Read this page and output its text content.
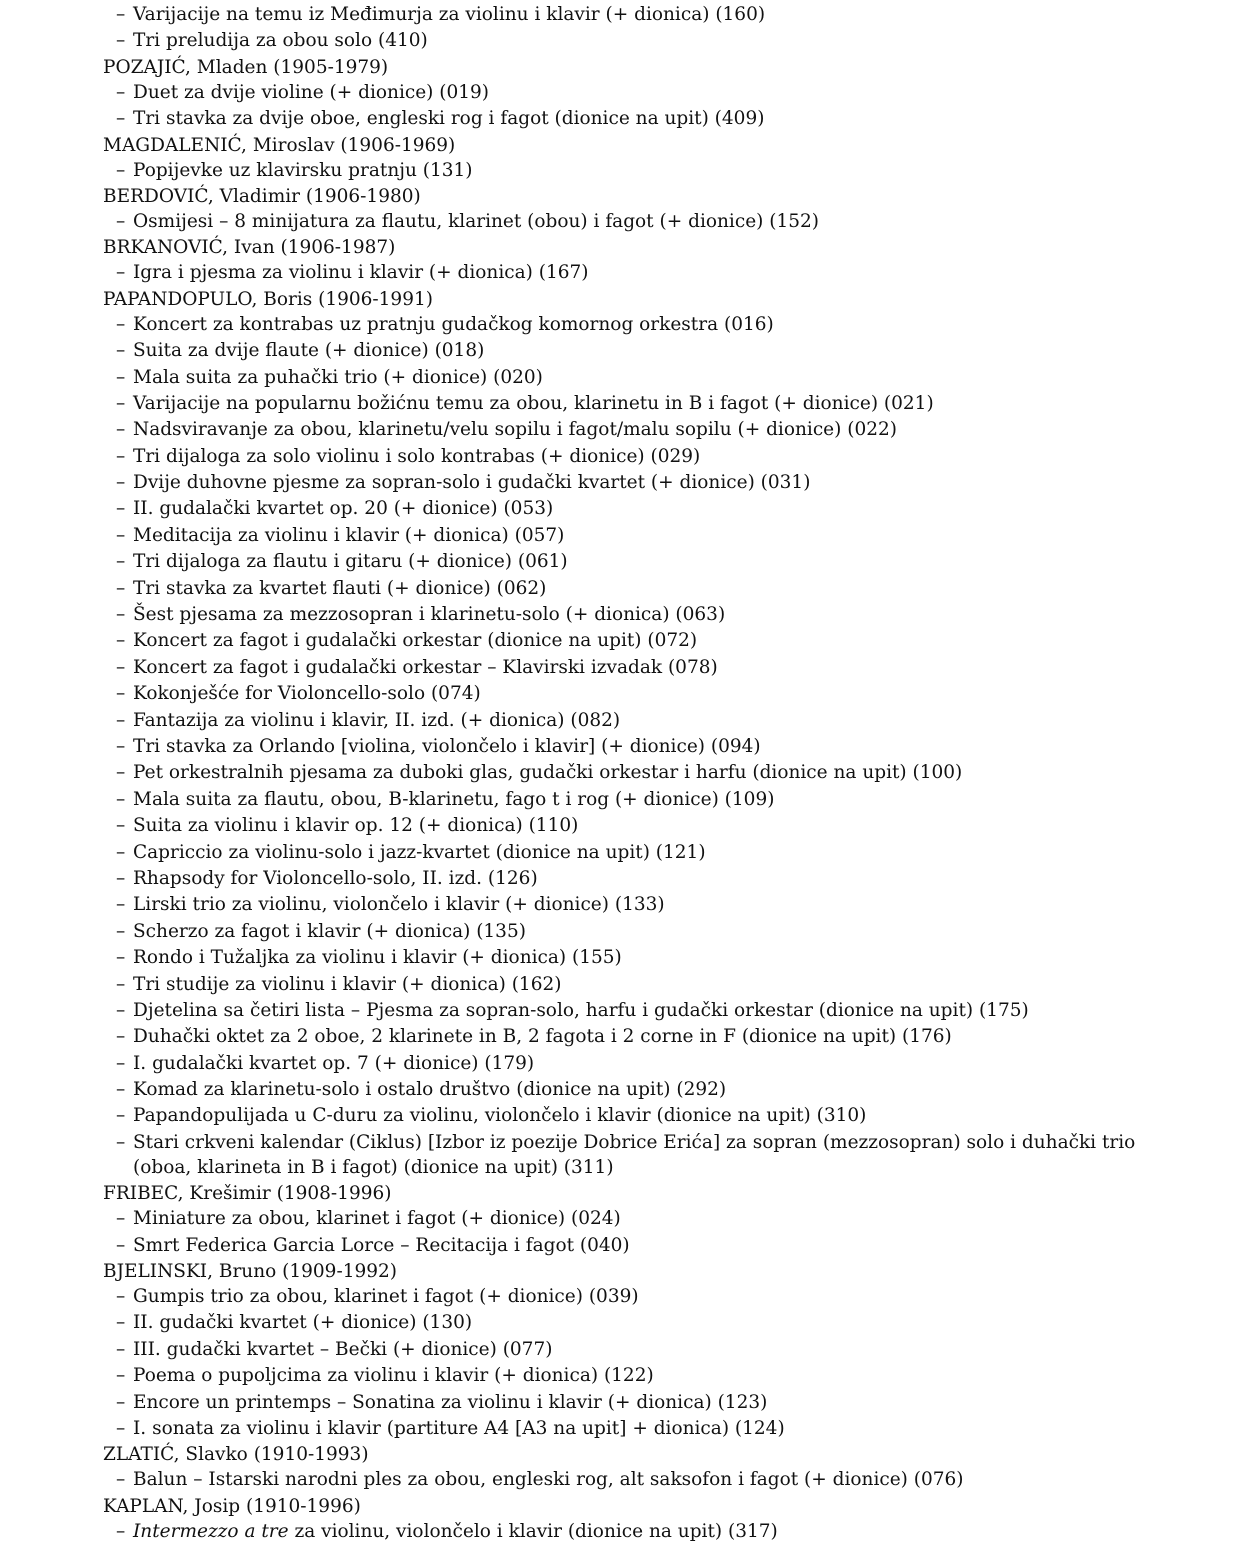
– Varijacije na temu iz Međimurja za violinu i klavir (+ dionica) (160)
– Tri preludija za obou solo (410)

POZAJIĆ, Mladen (1905-1979)

– Duet za dvije violine (+ dionice) (019)
– Tri stavka za dvije oboe, engleski rog i fagot (dionice na upit) (409)

MAGDALENIĆ, Miroslav (1906-1969)

– Popijevke uz klavirsku pratnju (131)

BERDOVIĆ, Vladimir (1906-1980)

– Osmijesi – 8 minijatura za flautu, klarinet (obou) i fagot (+ dionice) (152)

BRKANOVIĆ, Ivan (1906-1987)

– Igra i pjesma za violinu i klavir (+ dionica) (167)

PAPANDOPULO, Boris (1906-1991)

– Koncert za kontrabas uz pratnju gudačkog komornog orkestra (016)
– Suita za dvije flaute (+ dionice) (018)
– Mala suita za puhački trio (+ dionice) (020)
– Varijacije na popularnu božićnu temu za obou, klarinetu in B i fagot (+ dionice) (021)
– Nadsviravanje za obou, klarinetu/velu sopilu i fagot/malu sopilu (+ dionice) (022)
– Tri dijaloga za solo violinu i solo kontrabas (+ dionice) (029)
– Dvije duhovne pjesme za sopran-solo i gudački kvartet (+ dionice) (031)
– II. gudalački kvartet op. 20 (+ dionice) (053)
– Meditacija za violinu i klavir (+ dionica) (057)
– Tri dijaloga za flautu i gitaru (+ dionice) (061)
– Tri stavka za kvartet flauti (+ dionice) (062)
– Šest pjesama za mezzosopran i klarinetu-solo (+ dionica) (063)
– Koncert za fagot i gudalački orkestar (dionice na upit) (072)
– Koncert za fagot i gudalački orkestar – Klavirski izvadak (078)
– Kokonješće for Violoncello-solo (074)
– Fantazija za violinu i klavir, II. izd. (+ dionica) (082)
– Tri stavka za Orlando [violina, violončelo i klavir] (+ dionice) (094)
– Pet orkestralnih pjesama za duboki glas, gudački orkestar i harfu (dionice na upit) (100)
– Mala suita za flautu, obou, B-klarinetu, fago t i rog (+ dionice) (109)
– Suita za violinu i klavir op. 12 (+ dionica) (110)
– Capriccio za violinu-solo i jazz-kvartet (dionice na upit) (121)
– Rhapsody for Violoncello-solo, II. izd. (126)
– Lirski trio za violinu, violončelo i klavir (+ dionice) (133)
– Scherzo za fagot i klavir (+ dionica) (135)
– Rondo i Tužaljka za violinu i klavir (+ dionica) (155)
– Tri studije za violinu i klavir (+ dionica) (162)
– Djetelina sa četiri lista – Pjesma za sopran-solo, harfu i gudački orkestar (dionice na upit) (175)
– Duhački oktet za 2 oboe, 2 klarinete in B, 2 fagota i 2 corne in F (dionice na upit) (176)
– I. gudalački kvartet op. 7 (+ dionice) (179)
– Komad za klarinetu-solo i ostalo društvo (dionice na upit) (292)
– Papandopulijada u C-duru za violinu, violončelo i klavir (dionice na upit) (310)
– Stari crkveni kalendar (Ciklus) [Izbor iz poezije Dobrice Erića] za sopran (mezzosopran) solo i duhački trio (oboa, klarineta in B i fagot) (dionice na upit) (311)

FRIBEC, Krešimir (1908-1996)

– Miniature za obou, klarinet i fagot (+ dionice) (024)
– Smrt Federica Garcia Lorce – Recitacija i fagot (040)

BJELINSKI, Bruno (1909-1992)

– Gumpis trio za obou, klarinet i fagot (+ dionice) (039)
– II. gudački kvartet (+ dionice) (130)
– III. gudački kvartet – Bečki (+ dionice) (077)
– Poema o pupoljcima za violinu i klavir (+ dionica) (122)
– Encore un printemps – Sonatina za violinu i klavir (+ dionica) (123)
– I. sonata za violinu i klavir (partiture A4 [A3 na upit] + dionica) (124)

ZLATIĆ, Slavko (1910-1993)

– Balun – Istarski narodni ples za obou, engleski rog, alt saksofon i fagot (+ dionice) (076)

KAPLAN, Josip (1910-1996)

– Intermezzo a tre za violinu, violončelo i klavir (dionice na upit) (317)
